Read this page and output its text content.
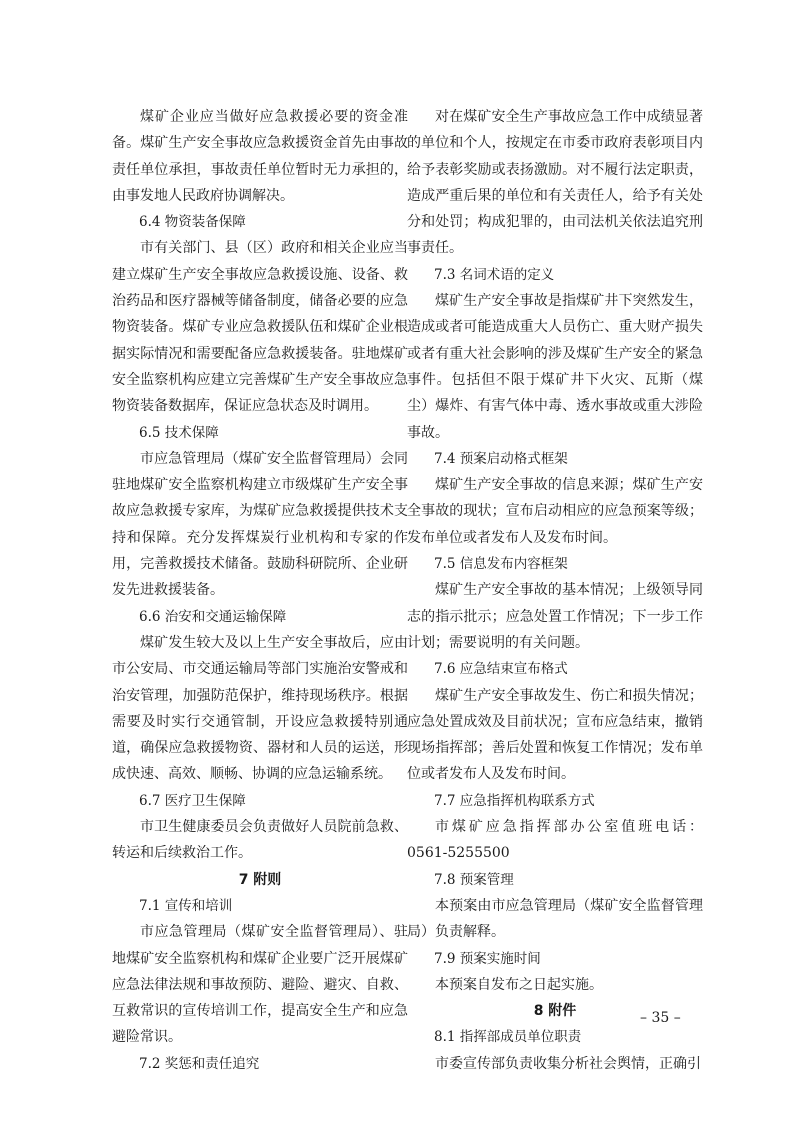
煤矿企业应当做好应急救援必要的资金准备。煤矿生产安全事故应急救援资金首先由事故责任单位承担，事故责任单位暂时无力承担的，由事发地人民政府协调解决。

6.4 物资装备保障

市有关部门、县（区）政府和相关企业应当建立煤矿生产安全事故应急救援设施、设备、救治药品和医疗器械等储备制度，储备必要的应急物资装备。煤矿专业应急救援队伍和煤矿企业根据实际情况和需要配备应急救援装备。驻地煤矿安全监察机构应建立完善煤矿生产安全事故应急物资装备数据库，保证应急状态及时调用。

6.5 技术保障

市应急管理局（煤矿安全监督管理局）会同驻地煤矿安全监察机构建立市级煤矿生产安全事故应急救援专家库，为煤矿应急救援提供技术支持和保障。充分发挥煤炭行业机构和专家的作用，完善救援技术储备。鼓励科研院所、企业研发先进救援装备。

6.6 治安和交通运输保障

煤矿发生较大及以上生产安全事故后，应由市公安局、市交通运输局等部门实施治安警戒和治安管理，加强防范保护，维持现场秩序。根据需要及时实行交通管制，开设应急救援特别通道，确保应急救援物资、器材和人员的运送，形成快速、高效、顺畅、协调的应急运输系统。

6.7 医疗卫生保障

市卫生健康委员会负责做好人员院前急救、转运和后续救治工作。

7 附则

7.1 宣传和培训

市应急管理局（煤矿安全监督管理局）、驻地煤矿安全监察机构和煤矿企业要广泛开展煤矿应急法律法规和事故预防、避险、避灾、自救、互救常识的宣传培训工作，提高安全生产和应急避险常识。

7.2 奖惩和责任追究

对在煤矿安全生产事故应急工作中成绩显著的单位和个人，按规定在市委市政府表彰项目内给予表彰奖励或表扬激励。对不履行法定职责，造成严重后果的单位和有关责任人，给予有关处分和处罚；构成犯罪的，由司法机关依法追究刑事责任。

7.3 名词术语的定义

煤矿生产安全事故是指煤矿井下突然发生，造成或者可能造成重大人员伤亡、重大财产损失或者有重大社会影响的涉及煤矿生产安全的紧急事件。包括但不限于煤矿井下火灾、瓦斯（煤尘）爆炸、有害气体中毒、透水事故或重大涉险事故。

7.4 预案启动格式框架

煤矿生产安全事故的信息来源；煤矿生产安全事故的现状；宣布启动相应的应急预案等级；发布单位或者发布人及发布时间。

7.5 信息发布内容框架

煤矿生产安全事故的基本情况；上级领导同志的指示批示；应急处置工作情况；下一步工作计划；需要说明的有关问题。

7.6 应急结束宣布格式

煤矿生产安全事故发生、伤亡和损失情况；应急处置成效及目前状况；宣布应急结束，撤销现场指挥部；善后处置和恢复工作情况；发布单位或者发布人及发布时间。

7.7 应急指挥机构联系方式

市煤矿应急指挥部办公室值班电话：

0561-5255500

7.8 预案管理

本预案由市应急管理局（煤矿安全监督管理局）负责解释。

7.9 预案实施时间

本预案自发布之日起实施。

8 附件

8.1 指挥部成员单位职责

市委宣传部负责收集分析社会舆情，正确引

– 35 –
